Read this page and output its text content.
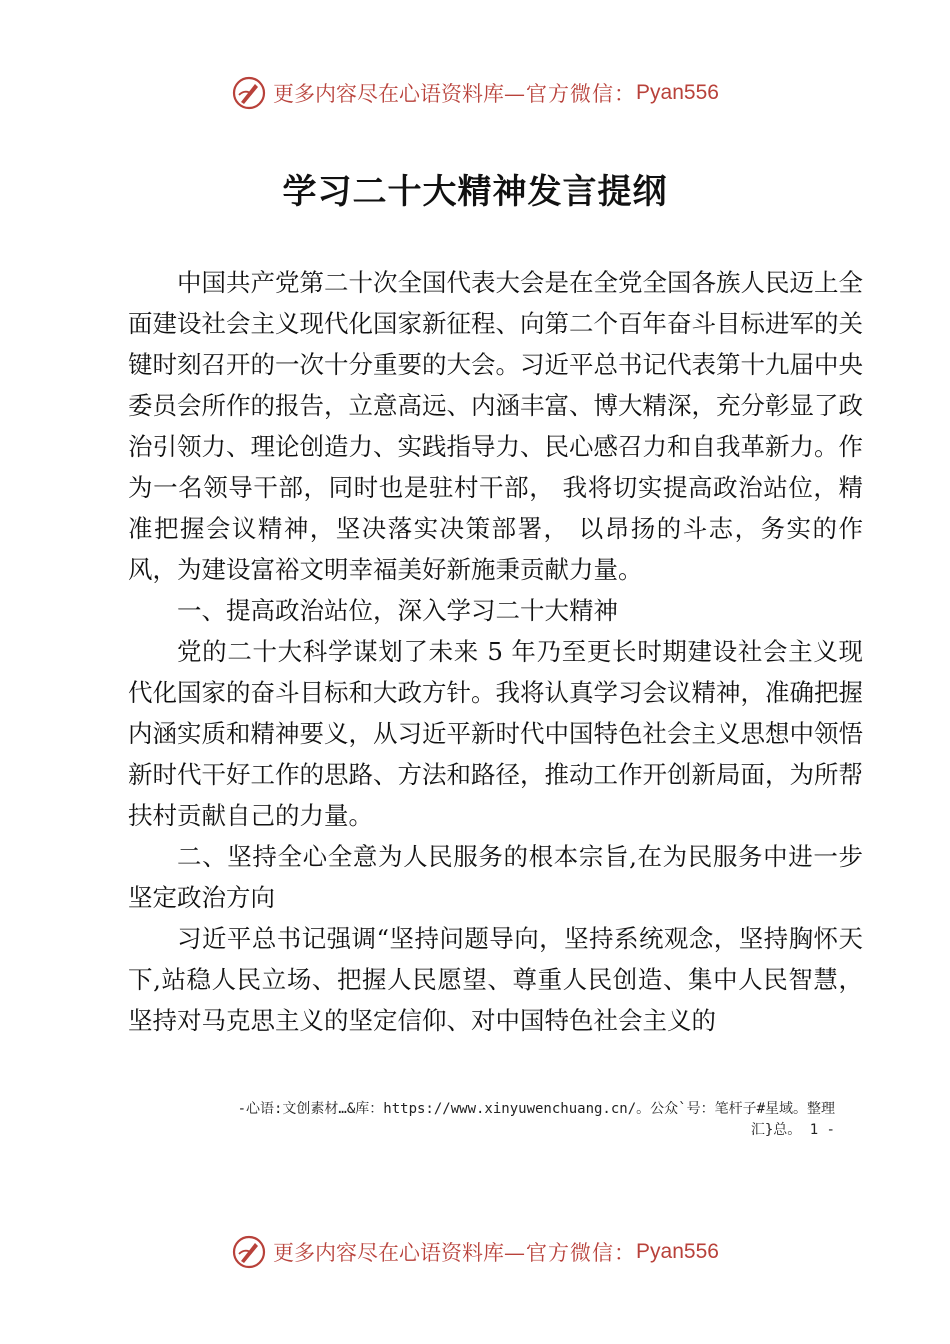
更多内容尽在心语资料库 —官方微信： Pyan556
学习二十大精神发言提纲

中国共产党第二十次全国代表大会是在全党全国各族人民迈上全面建设社会主义现代化国家新征程、向第二个百年奋斗目标进军的关键时刻召开的一次十分重要的大会。习近平总书记代表第十九届中央委员会所作的报告，立意高远、内涵丰富、博大精深，充分彰显了政治引领力、理论创造力、实践指导力、民心感召力和自我革新力。作为一名领导干部，同时也是驻村干部， 我将切实提高政治站位，精准把握会议精神，坚决落实决策部署， 以昂扬的斗志，务实的作风，为建设富裕文明幸福美好新施秉贡献力量。

一、提高政治站位，深入学习二十大精神

党的二十大科学谋划了未来 5 年乃至更长时期建设社会主义现代化国家的奋斗目标和大政方针。我将认真学习会议精神，准确把握内涵实质和精神要义，从习近平新时代中国特色社会主义思想中领悟新时代干好工作的思路、方法和路径，推动工作开创新局面，为所帮扶村贡献自己的力量。

二、坚持全心全意为人民服务的根本宗旨,在为民服务中进一步坚定政治方向

习近平总书记强调“坚持问题导向，坚持系统观念，坚持胸怀天下,站稳人民立场、把握人民愿望、尊重人民创造、集中人民智慧，坚持对马克思主义的坚定信仰、对中国特色社会主义的

-心语:文创素材…&库：https://www.xinyuwenchuang.cn/。公众`号：笔杆子#星域。整理
汇}总。 1 -
更多内容尽在心语资料库 —官方微信： Pyan556
